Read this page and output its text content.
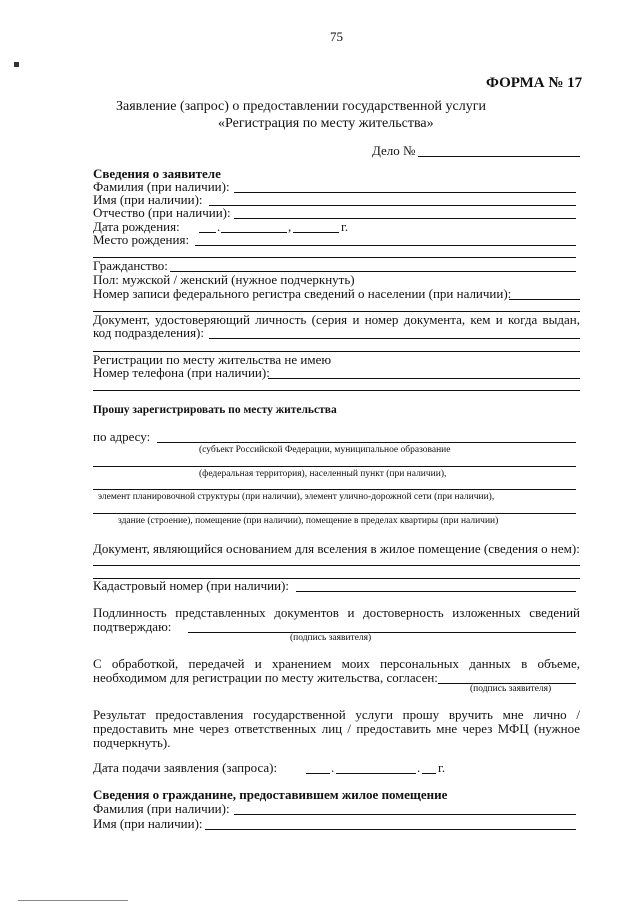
75
ФОРМА № 17
Заявление (запрос) о предоставлении государственной услуги
«Регистрация по месту жительства»
Дело №
Сведения о заявителе
Фамилия (при наличии):
Имя (при наличии):
Отчество (при наличии):
Дата рождения:	.	,	г.
Место рождения:
Гражданство:
Пол: мужской / женский (нужное подчеркнуть)
Номер записи федерального регистра сведений о населении (при наличии):
Документ, удостоверяющий личность (серия и номер документа, кем и когда выдан,
код подразделения):
Регистрации по месту жительства не имею
Номер телефона (при наличии):
Прошу зарегистрировать по месту жительства
по адресу:
(субъект Российской Федерации, муниципальное образование
(федеральная территория), населенный пункт (при наличии),
элемент планировочной структуры (при наличии), элемент улично-дорожной сети (при наличии),
здание (строение), помещение (при наличии), помещение в пределах квартиры (при наличии)
Документ, являющийся основанием для вселения в жилое помещение (сведения о нем):
Кадастровый номер (при наличии):
Подлинность представленных документов и достоверность изложенных сведений
подтверждаю:
(подпись заявителя)
С обработкой, передачей и хранением моих персональных данных в объеме,
необходимом для регистрации по месту жительства, согласен:
(подпись заявителя)
Результат предоставления государственной услуги прошу вручить мне лично /
предоставить мне через ответственных лиц / предоставить мне через МФЦ (нужное
подчеркнуть).
Дата подачи заявления (запроса):	.	. г.
Сведения о гражданине, предоставившем жилое помещение
Фамилия (при наличии):
Имя (при наличии):
